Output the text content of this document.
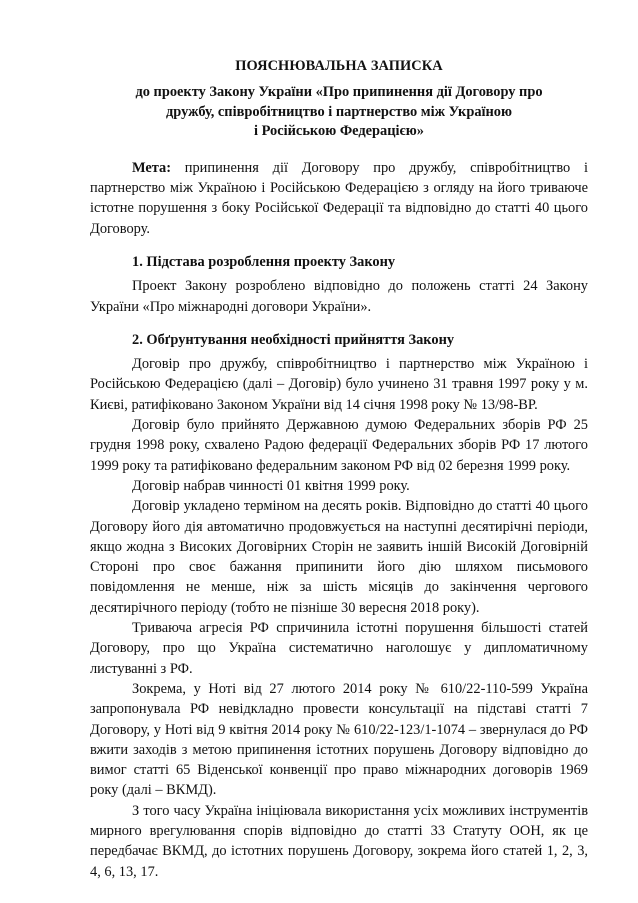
ПОЯСНЮВАЛЬНА ЗАПИСКА
до проекту Закону України «Про припинення дії Договору про
дружбу, співробітництво і партнерство між Україною
і Російською Федерацією»

Мета: припинення дії Договору про дружбу, співробітництво і партнерство між Україною і Російською Федерацією з огляду на його триваюче істотне порушення з боку Російської Федерації та відповідно до статті 40 цього Договору.

1. Підстава розроблення проекту Закону

Проект Закону розроблено відповідно до положень статті 24 Закону України «Про міжнародні договори України».

2. Обґрунтування необхідності прийняття Закону

Договір про дружбу, співробітництво і партнерство між Україною і Російською Федерацією (далі – Договір) було учинено 31 травня 1997 року у м. Києві, ратифіковано Законом України від 14 січня 1998 року № 13/98-ВР.

Договір було прийнято Державною думою Федеральних зборів РФ 25 грудня 1998 року, схвалено Радою федерації Федеральних зборів РФ 17 лютого 1999 року та ратифіковано федеральним законом РФ від 02 березня 1999 року.

Договір набрав чинності 01 квітня 1999 року.

Договір укладено терміном на десять років. Відповідно до статті 40 цього Договору його дія автоматично продовжується на наступні десятирічні періоди, якщо жодна з Високих Договірних Сторін не заявить іншій Високій Договірній Стороні про своє бажання припинити його дію шляхом письмового повідомлення не менше, ніж за шість місяців до закінчення чергового десятирічного періоду (тобто не пізніше 30 вересня 2018 року).

Триваюча агресія РФ спричинила істотні порушення більшості статей Договору, про що Україна систематично наголошує у дипломатичному листуванні з РФ.

Зокрема, у Ноті від 27 лютого 2014 року № 610/22-110-599 Україна запропонувала РФ невідкладно провести консультації на підставі статті 7 Договору, у Ноті від 9 квітня 2014 року № 610/22-123/1-1074 – звернулася до РФ вжити заходів з метою припинення істотних порушень Договору відповідно до вимог статті 65 Віденської конвенції про право міжнародних договорів 1969 року (далі – ВКМД).

З того часу Україна ініціювала використання усіх можливих інструментів мирного врегулювання спорів відповідно до статті 33 Статуту ООН, як це передбачає ВКМД, до істотних порушень Договору, зокрема його статей 1, 2, 3, 4, 6, 13, 17.
